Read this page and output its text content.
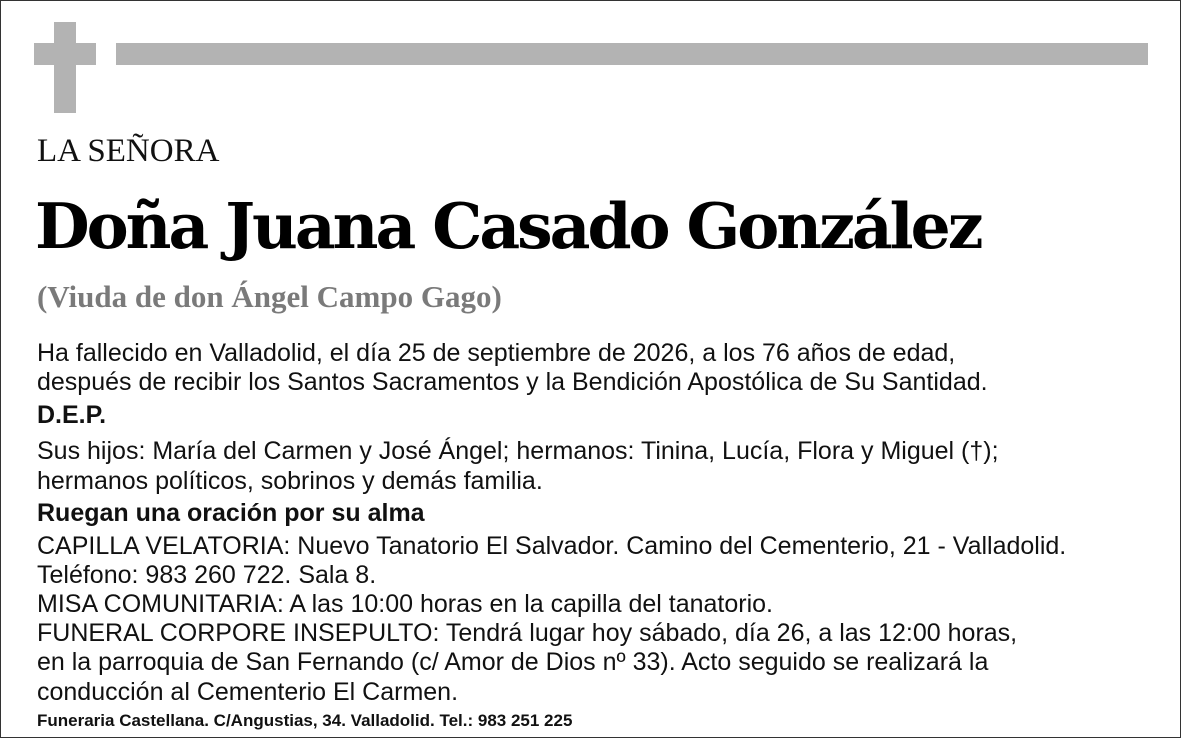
LA SEÑORA
Doña Juana Casado González
(Viuda de don Ángel Campo Gago)
Ha fallecido en Valladolid, el día 25 de septiembre de 2026, a los 76 años de edad,
después de recibir los Santos Sacramentos y la Bendición Apostólica de Su Santidad.
D.E.P.
Sus hijos: María del Carmen y José Ángel; hermanos: Tinina, Lucía, Flora y Miguel (†);
hermanos políticos, sobrinos y demás familia.
Ruegan una oración por su alma
CAPILLA VELATORIA: Nuevo Tanatorio El Salvador. Camino del Cementerio, 21 - Valladolid.
Teléfono: 983 260 722. Sala 8.
MISA COMUNITARIA: A las 10:00 horas en la capilla del tanatorio.
FUNERAL CORPORE INSEPULTO: Tendrá lugar hoy sábado, día 26, a las 12:00 horas,
en la parroquia de San Fernando (c/ Amor de Dios nº 33). Acto seguido se realizará la
conducción al Cementerio El Carmen.
Funeraria Castellana. C/Angustias, 34. Valladolid. Tel.: 983 251 225
